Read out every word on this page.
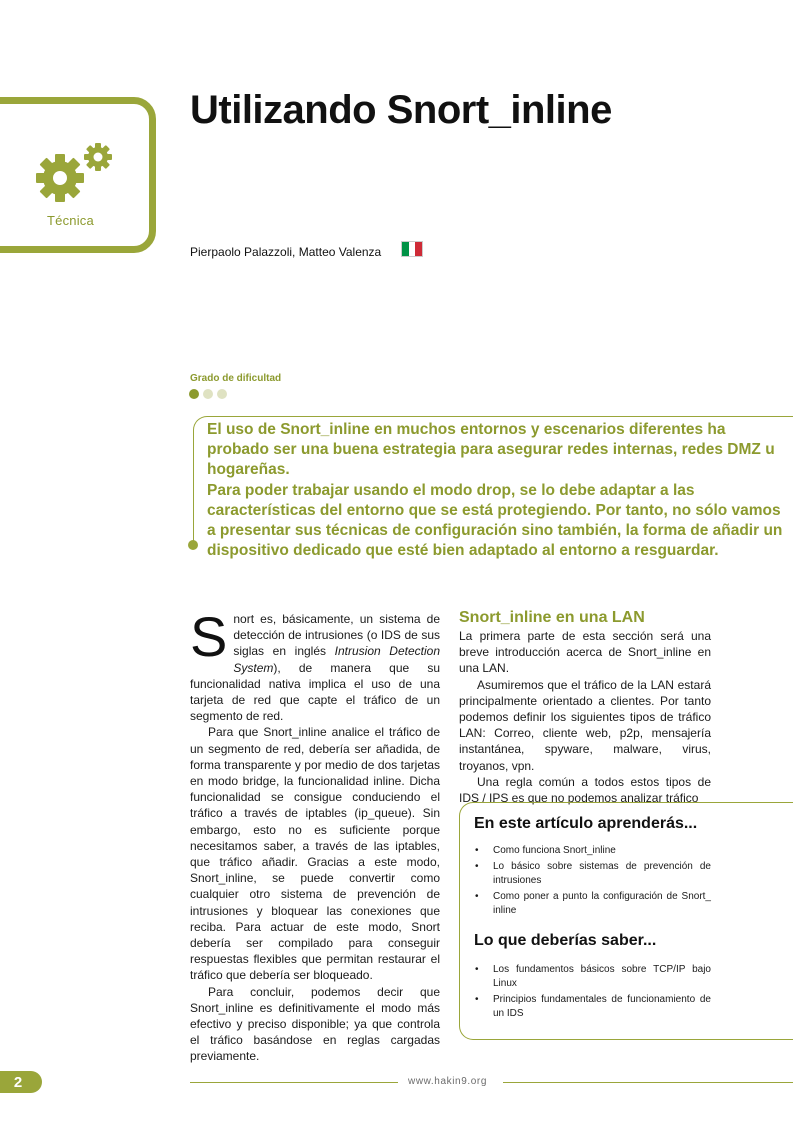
Técnica
Utilizando Snort_inline
Pierpaolo Palazzoli, Matteo Valenza
Grado de dificultad

El uso de Snort_inline en muchos entornos y escenarios diferentes ha probado ser una buena estrategia para asegurar redes internas, redes DMZ u hogareñas.

Para poder trabajar usando el modo drop, se lo debe adaptar a las características del entorno que se está protegiendo. Por tanto, no sólo vamos a presentar sus técnicas de configuración sino también, la forma de añadir un dispositivo dedicado que esté bien adaptado al entorno a resguardar.

Snort es, básicamente, un sistema de detección de intrusiones (o IDS de sus siglas en inglés Intrusion Detection System), de manera que su funcionalidad nativa implica el uso de una tarjeta de red que capte el tráfico de un segmento de red.

Para que Snort_inline analice el tráfico de un segmento de red, debería ser añadida, de forma transparente y por medio de dos tarjetas en modo bridge, la funcionalidad inline. Dicha funcionalidad se consigue conduciendo el tráfico a través de iptables (ip_queue). Sin embargo, esto no es suficiente porque necesitamos saber, a través de las iptables, que tráfico añadir. Gracias a este modo, Snort_inline, se puede convertir como cualquier otro sistema de prevención de intrusiones y bloquear las conexiones que reciba. Para actuar de este modo, Snort debería ser compilado para conseguir respuestas flexibles que permitan restaurar el tráfico que debería ser bloqueado.

Para concluir, podemos decir que Snort_inline es definitivamente el modo más efectivo y preciso disponible; ya que controla el tráfico basándose en reglas cargadas previamente.

Snort_inline en una LAN

La primera parte de esta sección será una breve introducción acerca de Snort_inline en una LAN.

Asumiremos que el tráfico de la LAN estará principalmente orientado a clientes. Por tanto podemos definir los siguientes tipos de tráfico LAN: Correo, cliente web, p2p, mensajería instantánea, spyware, malware, virus, troyanos, vpn.

Una regla común a todos estos tipos de IDS / IPS es que no podemos analizar tráfico

En este artículo aprenderás...
• Como funciona Snort_inline
• Lo básico sobre sistemas de prevención de intrusiones
• Como poner a punto la configuración de Snort_ inline
Lo que deberías saber...
• Los fundamentos básicos sobre TCP/IP bajo Linux
• Principios fundamentales de funcionamiento de un IDS
2	www.hakin9.org
